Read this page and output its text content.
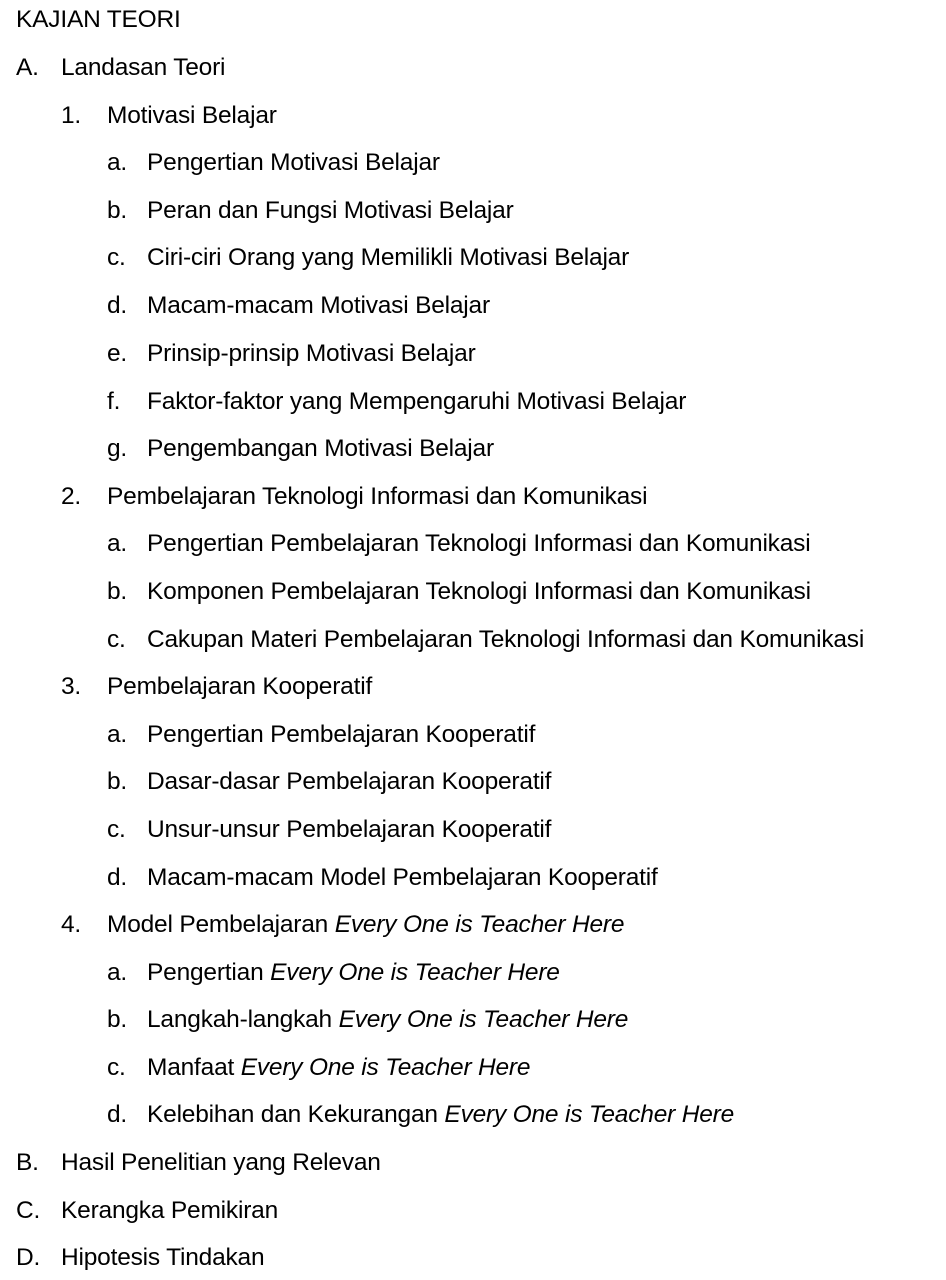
KAJIAN TEORI
A. Landasan Teori
1. Motivasi Belajar
a. Pengertian Motivasi Belajar
b. Peran dan Fungsi Motivasi Belajar
c. Ciri-ciri Orang yang Memilikli Motivasi Belajar
d. Macam-macam Motivasi Belajar
e. Prinsip-prinsip Motivasi Belajar
f. Faktor-faktor yang Mempengaruhi Motivasi Belajar
g. Pengembangan Motivasi Belajar
2. Pembelajaran Teknologi Informasi dan Komunikasi
a. Pengertian Pembelajaran Teknologi Informasi dan Komunikasi
b. Komponen Pembelajaran Teknologi Informasi dan Komunikasi
c. Cakupan Materi Pembelajaran Teknologi Informasi dan Komunikasi
3. Pembelajaran Kooperatif
a. Pengertian Pembelajaran Kooperatif
b. Dasar-dasar Pembelajaran Kooperatif
c. Unsur-unsur Pembelajaran Kooperatif
d. Macam-macam Model Pembelajaran Kooperatif
4. Model Pembelajaran Every One is Teacher Here
a. Pengertian Every One is Teacher Here
b. Langkah-langkah Every One is Teacher Here
c. Manfaat Every One is Teacher Here
d. Kelebihan dan Kekurangan Every One is Teacher Here
B. Hasil Penelitian yang Relevan
C. Kerangka Pemikiran
D. Hipotesis Tindakan
